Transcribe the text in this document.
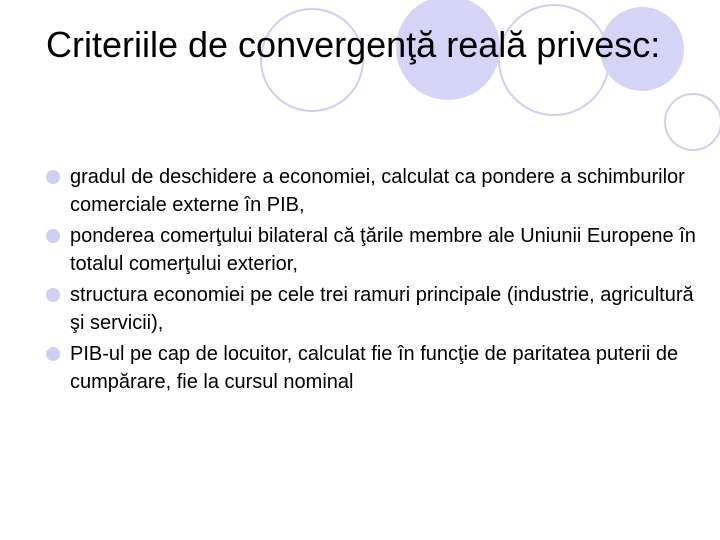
Criteriile de convergenţă reală privesc:
gradul de deschidere a economiei, calculat ca pondere a schimburilor comerciale externe în PIB,
ponderea comerţului bilateral că ţările membre ale Uniunii Europene în totalul comerţului exterior,
structura economiei pe cele trei ramuri principale (industrie, agricultură şi servicii),
PIB-ul pe cap de locuitor, calculat fie în funcţie de paritatea puterii de cumpărare, fie la cursul nominal
